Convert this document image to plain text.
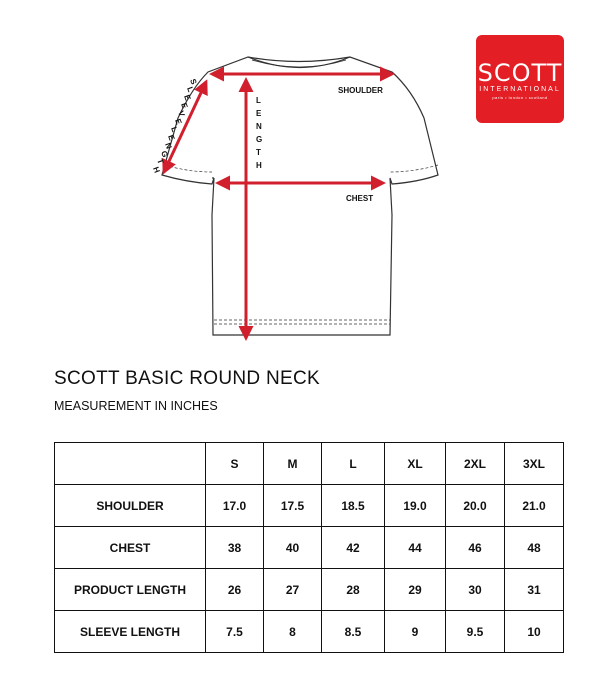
SHOULDER
CHEST
L
E
N
G
T
H
S
L
E
E
V
E
L
E
N
G
T
H
SCOTT
INTERNATIONAL
paris • london • scotland
SCOTT BASIC ROUND NECK
MEASUREMENT IN INCHES
	S	M	L	XL	2XL	3XL
SHOULDER	17.0	17.5	18.5	19.0	20.0	21.0
CHEST	38	40	42	44	46	48
PRODUCT LENGTH	26	27	28	29	30	31
SLEEVE LENGTH	7.5	8	8.5	9	9.5	10
